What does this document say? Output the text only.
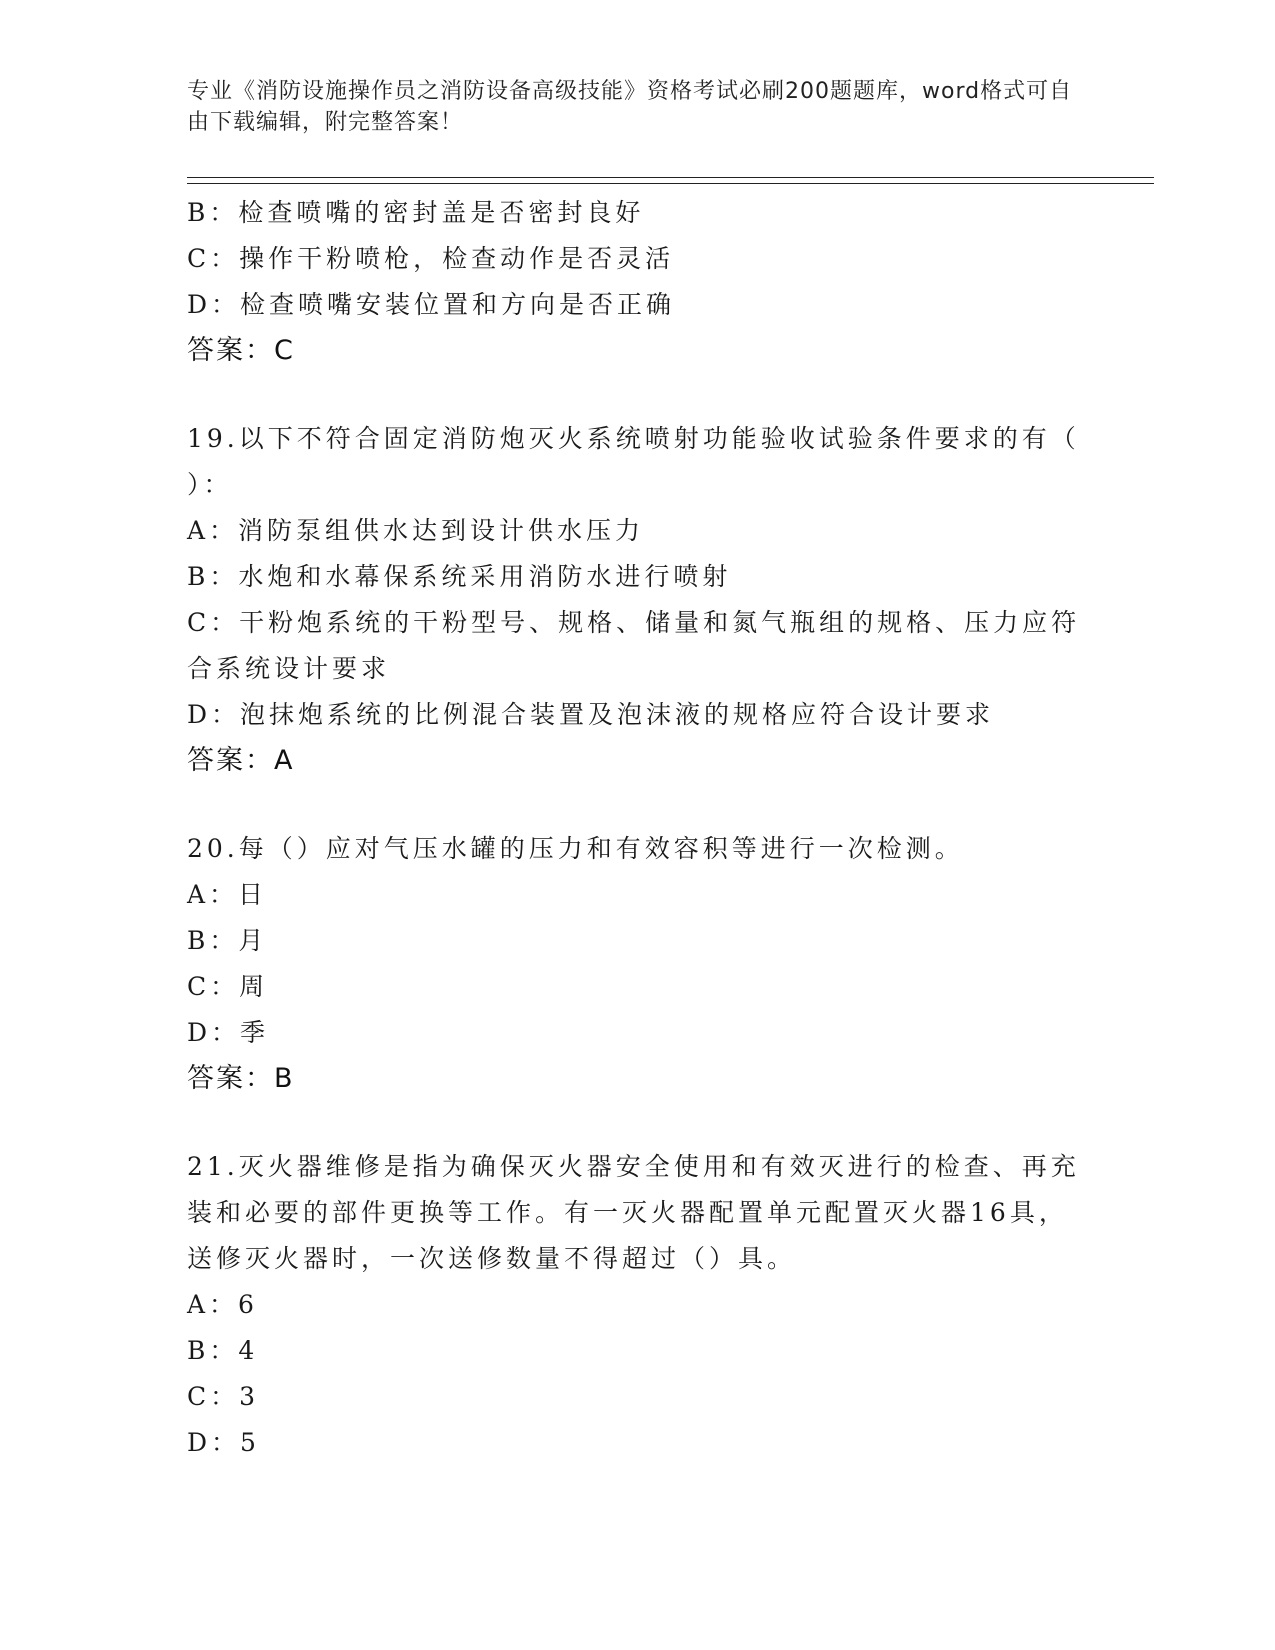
专业《消防设施操作员之消防设备高级技能》资格考试必刷200题题库，word格式可自由下载编辑，附完整答案！
B：检查喷嘴的密封盖是否密封良好
C：操作干粉喷枪，检查动作是否灵活
D：检查喷嘴安装位置和方向是否正确
答案：C
19.以下不符合固定消防炮灭火系统喷射功能验收试验条件要求的有（
）：
A：消防泵组供水达到设计供水压力
B：水炮和水幕保系统采用消防水进行喷射
C：干粉炮系统的干粉型号、规格、储量和氮气瓶组的规格、压力应符
合系统设计要求
D：泡抹炮系统的比例混合装置及泡沫液的规格应符合设计要求
答案：A
20.每（）应对气压水罐的压力和有效容积等进行一次检测。
A：日
B：月
C：周
D：季
答案：B
21.灭火器维修是指为确保灭火器安全使用和有效灭进行的检查、再充
装和必要的部件更换等工作。有一灭火器配置单元配置灭火器16具，
送修灭火器时，一次送修数量不得超过（）具。
A：6
B：4
C：3
D：5
